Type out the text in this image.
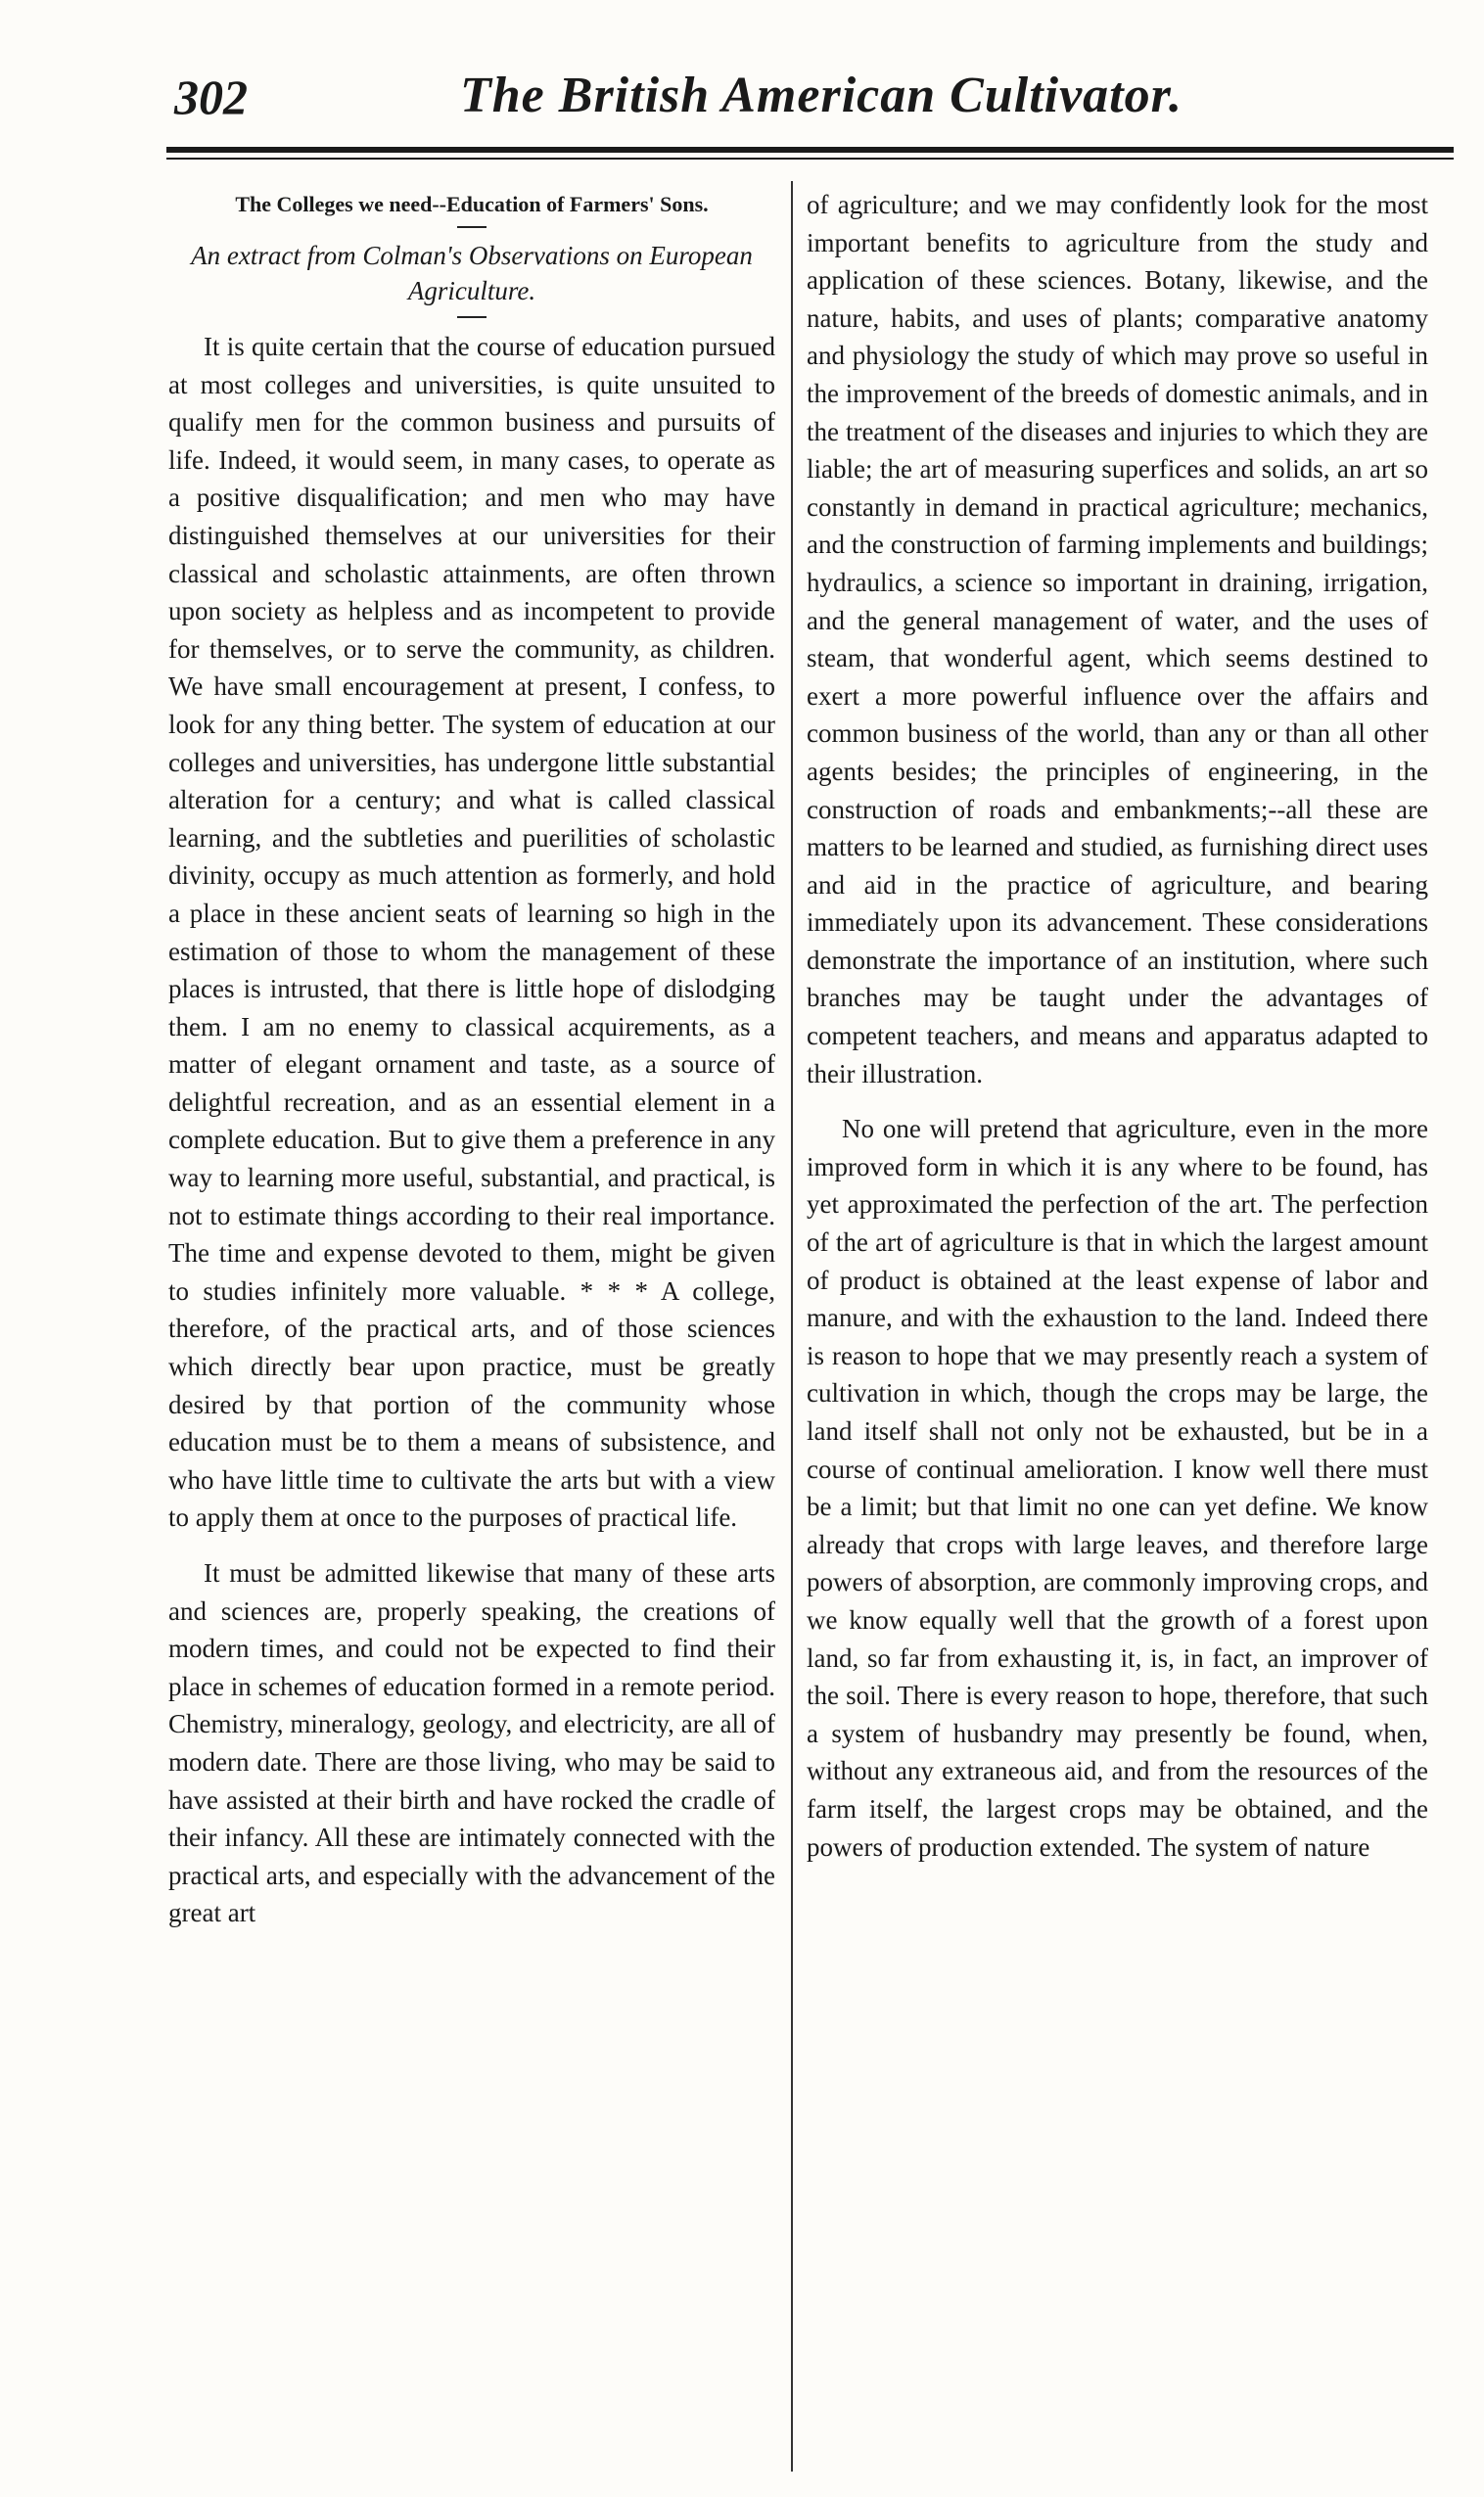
302	The British American Cultivator.
The Colleges we need--Education of Farmers' Sons.
An extract from Colman's Observations on European Agriculture.

It is quite certain that the course of education pursued at most colleges and universities, is quite unsuited to qualify men for the common business and pursuits of life. Indeed, it would seem, in many cases, to operate as a positive disqualification; and men who may have distinguished themselves at our universities for their classical and scholastic attainments, are often thrown upon society as helpless and as incompetent to provide for themselves, or to serve the community, as children. We have small encouragement at present, I confess, to look for any thing better. The system of education at our colleges and universities, has undergone little substantial alteration for a century; and what is called classical learning, and the subtleties and puerilities of scholastic divinity, occupy as much attention as formerly, and hold a place in these ancient seats of learning so high in the estimation of those to whom the management of these places is intrusted, that there is little hope of dislodging them. I am no enemy to classical acquirements, as a matter of elegant ornament and taste, as a source of delightful recreation, and as an essential element in a complete education. But to give them a preference in any way to learning more useful, substantial, and practical, is not to estimate things according to their real importance. The time and expense devoted to them, might be given to studies infinitely more valuable. * * * A college, therefore, of the practical arts, and of those sciences which directly bear upon practice, must be greatly desired by that portion of the community whose education must be to them a means of subsistence, and who have little time to cultivate the arts but with a view to apply them at once to the purposes of practical life.

It must be admitted likewise that many of these arts and sciences are, properly speaking, the creations of modern times, and could not be expected to find their place in schemes of education formed in a remote period. Chemistry, mineralogy, geology, and electricity, are all of modern date. There are those living, who may be said to have assisted at their birth and have rocked the cradle of their infancy. All these are intimately connected with the practical arts, and especially with the advancement of the great art

of agriculture; and we may confidently look for the most important benefits to agriculture from the study and application of these sciences. Botany, likewise, and the nature, habits, and uses of plants; comparative anatomy and physiology the study of which may prove so useful in the improvement of the breeds of domestic animals, and in the treatment of the diseases and injuries to which they are liable; the art of measuring superfices and solids, an art so constantly in demand in practical agriculture; mechanics, and the construction of farming implements and buildings; hydraulics, a science so important in draining, irrigation, and the general management of water, and the uses of steam, that wonderful agent, which seems destined to exert a more powerful influence over the affairs and common business of the world, than any or than all other agents besides; the principles of engineering, in the construction of roads and embankments;--all these are matters to be learned and studied, as furnishing direct uses and aid in the practice of agriculture, and bearing immediately upon its advancement. These considerations demonstrate the importance of an institution, where such branches may be taught under the advantages of competent teachers, and means and apparatus adapted to their illustration.

No one will pretend that agriculture, even in the more improved form in which it is any where to be found, has yet approximated the perfection of the art. The perfection of the art of agriculture is that in which the largest amount of product is obtained at the least expense of labor and manure, and with the exhaustion to the land. Indeed there is reason to hope that we may presently reach a system of cultivation in which, though the crops may be large, the land itself shall not only not be exhausted, but be in a course of continual amelioration. I know well there must be a limit; but that limit no one can yet define. We know already that crops with large leaves, and therefore large powers of absorption, are commonly improving crops, and we know equally well that the growth of a forest upon land, so far from exhausting it, is, in fact, an improver of the soil. There is every reason to hope, therefore, that such a system of husbandry may presently be found, when, without any extraneous aid, and from the resources of the farm itself, the largest crops may be obtained, and the powers of production extended. The system of nature
